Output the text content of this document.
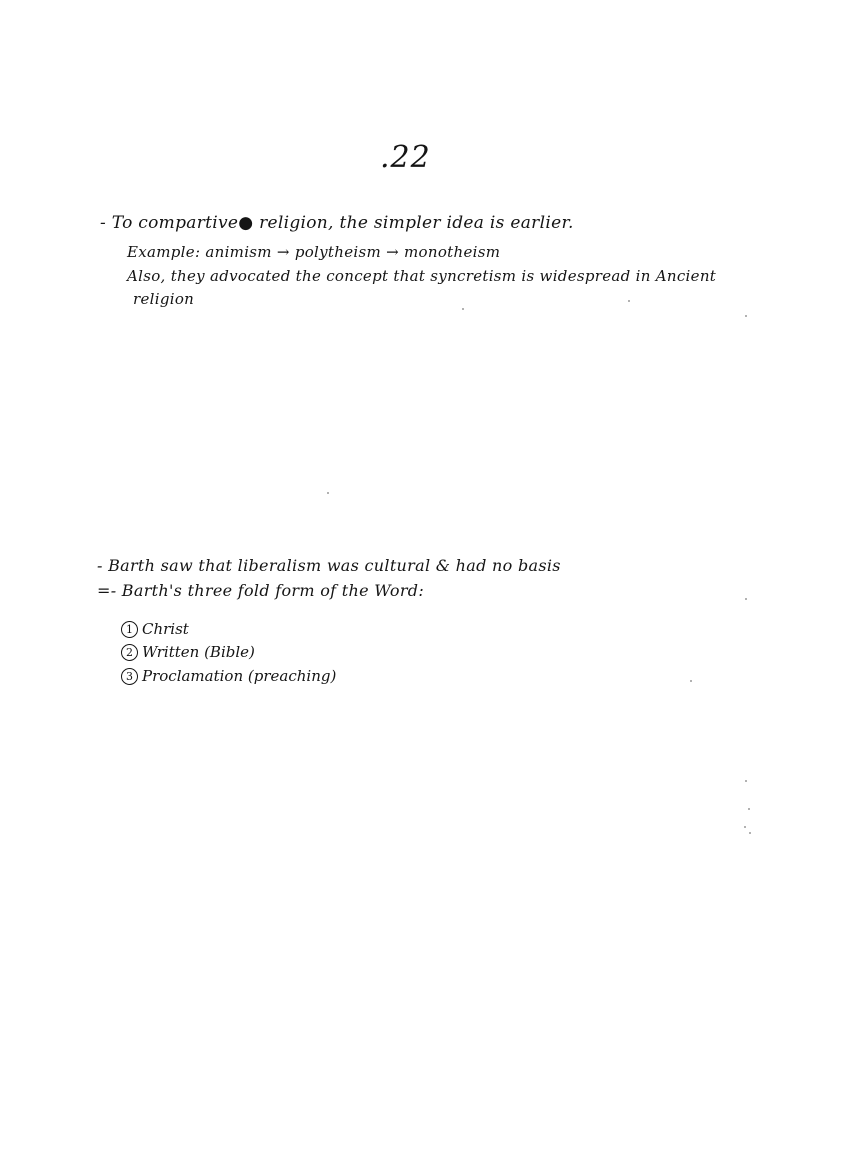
.22
- To compartive● religion, the simpler idea is earlier.
Example: animism → polytheism → monotheism
Also, they advocated the concept that syncretism is widespread in Ancient
religion
- Barth saw that liberalism was cultural & had no basis
=- Barth's three fold form of the Word:
1 Christ
2 Written (Bible)
3 Proclamation (preaching)
